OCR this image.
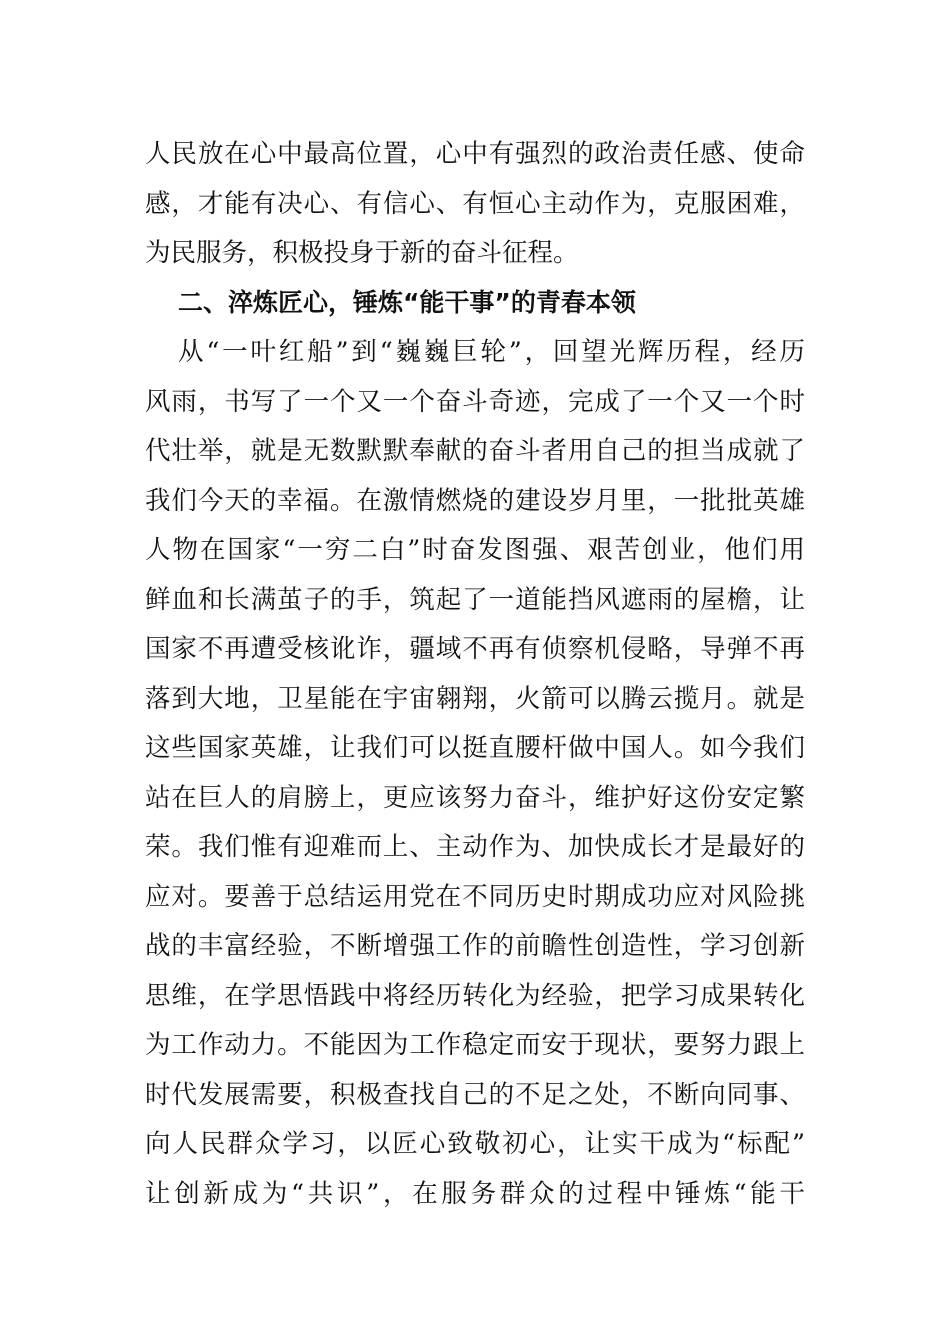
人民放在心中最高位置，心中有强烈的政治责任感、使命
感，才能有决心、有信心、有恒心主动作为，克服困难，
为民服务，积极投身于新的奋斗征程。
二、淬炼匠心，锤炼“能干事”的青春本领
从“一叶红船”到“巍巍巨轮”，回望光辉历程，经历
风雨，书写了一个又一个奋斗奇迹，完成了一个又一个时
代壮举，就是无数默默奉献的奋斗者用自己的担当成就了
我们今天的幸福。在激情燃烧的建设岁月里，一批批英雄
人物在国家“一穷二白”时奋发图强、艰苦创业，他们用
鲜血和长满茧子的手，筑起了一道能挡风遮雨的屋檐，让
国家不再遭受核讹诈，疆域不再有侦察机侵略，导弹不再
落到大地，卫星能在宇宙翱翔，火箭可以腾云揽月。就是
这些国家英雄，让我们可以挺直腰杆做中国人。如今我们
站在巨人的肩膀上，更应该努力奋斗，维护好这份安定繁
荣。我们惟有迎难而上、主动作为、加快成长才是最好的
应对。要善于总结运用党在不同历史时期成功应对风险挑
战的丰富经验，不断增强工作的前瞻性创造性，学习创新
思维，在学思悟践中将经历转化为经验，把学习成果转化
为工作动力。不能因为工作稳定而安于现状，要努力跟上
时代发展需要，积极查找自己的不足之处，不断向同事、
向人民群众学习，以匠心致敬初心，让实干成为“标配”
让创新成为“共识”，在服务群众的过程中锤炼“能干
